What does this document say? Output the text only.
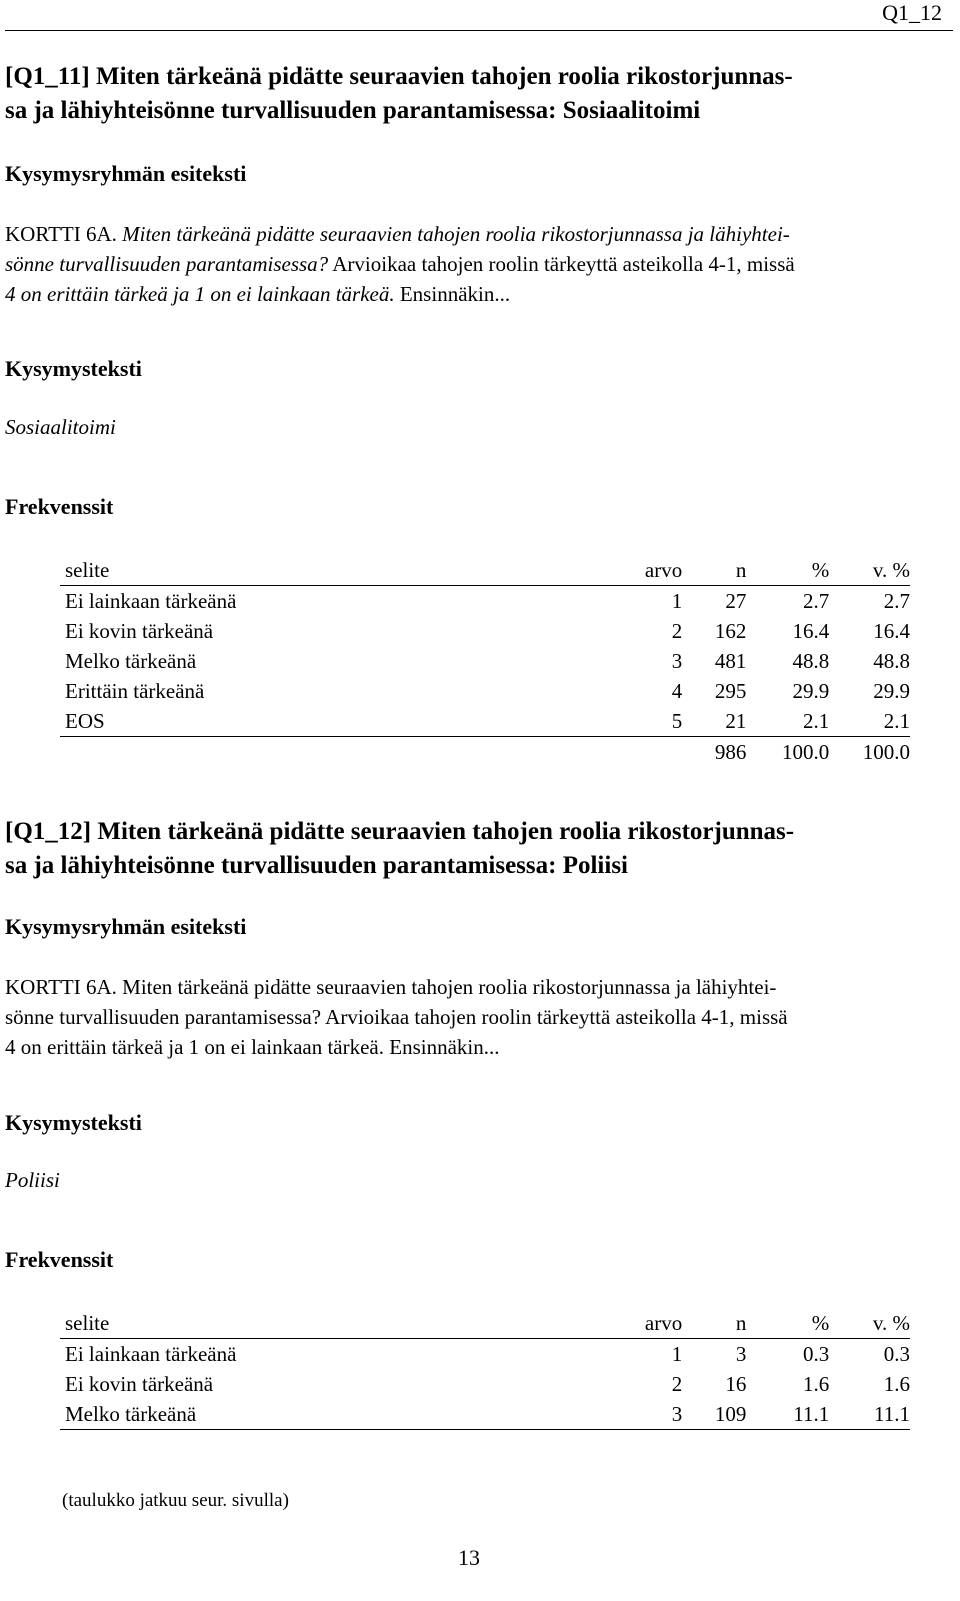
Q1_12
[Q1_11] Miten tärkeänä pidätte seuraavien tahojen roolia rikostorjunnas-
sa ja lähiyhteisönne turvallisuuden parantamisessa: Sosiaalitoimi
Kysymysryhmän esiteksti
KORTTI 6A. Miten tärkeänä pidätte seuraavien tahojen roolia rikostorjunnassa ja lähiyhtei-
sönne turvallisuuden parantamisessa? Arvioikaa tahojen roolin tärkeyttä asteikolla 4-1, missä
4 on erittäin tärkeä ja 1 on ei lainkaan tärkeä. Ensinnäkin...
Kysymysteksti
Sosiaalitoimi
Frekvenssit
selite	arvo	n	%	v. %
Ei lainkaan tärkeänä	1	27	2.7	2.7
Ei kovin tärkeänä	2	162	16.4	16.4
Melko tärkeänä	3	481	48.8	48.8
Erittäin tärkeänä	4	295	29.9	29.9
EOS	5	21	2.1	2.1
		986	100.0	100.0
[Q1_12] Miten tärkeänä pidätte seuraavien tahojen roolia rikostorjunnas-
sa ja lähiyhteisönne turvallisuuden parantamisessa: Poliisi
Kysymysryhmän esiteksti
KORTTI 6A. Miten tärkeänä pidätte seuraavien tahojen roolia rikostorjunnassa ja lähiyhtei-
sönne turvallisuuden parantamisessa? Arvioikaa tahojen roolin tärkeyttä asteikolla 4-1, missä
4 on erittäin tärkeä ja 1 on ei lainkaan tärkeä. Ensinnäkin...
Kysymysteksti
Poliisi
Frekvenssit
selite	arvo	n	%	v. %
Ei lainkaan tärkeänä	1	3	0.3	0.3
Ei kovin tärkeänä	2	16	1.6	1.6
Melko tärkeänä	3	109	11.1	11.1
(taulukko jatkuu seur. sivulla)
13
